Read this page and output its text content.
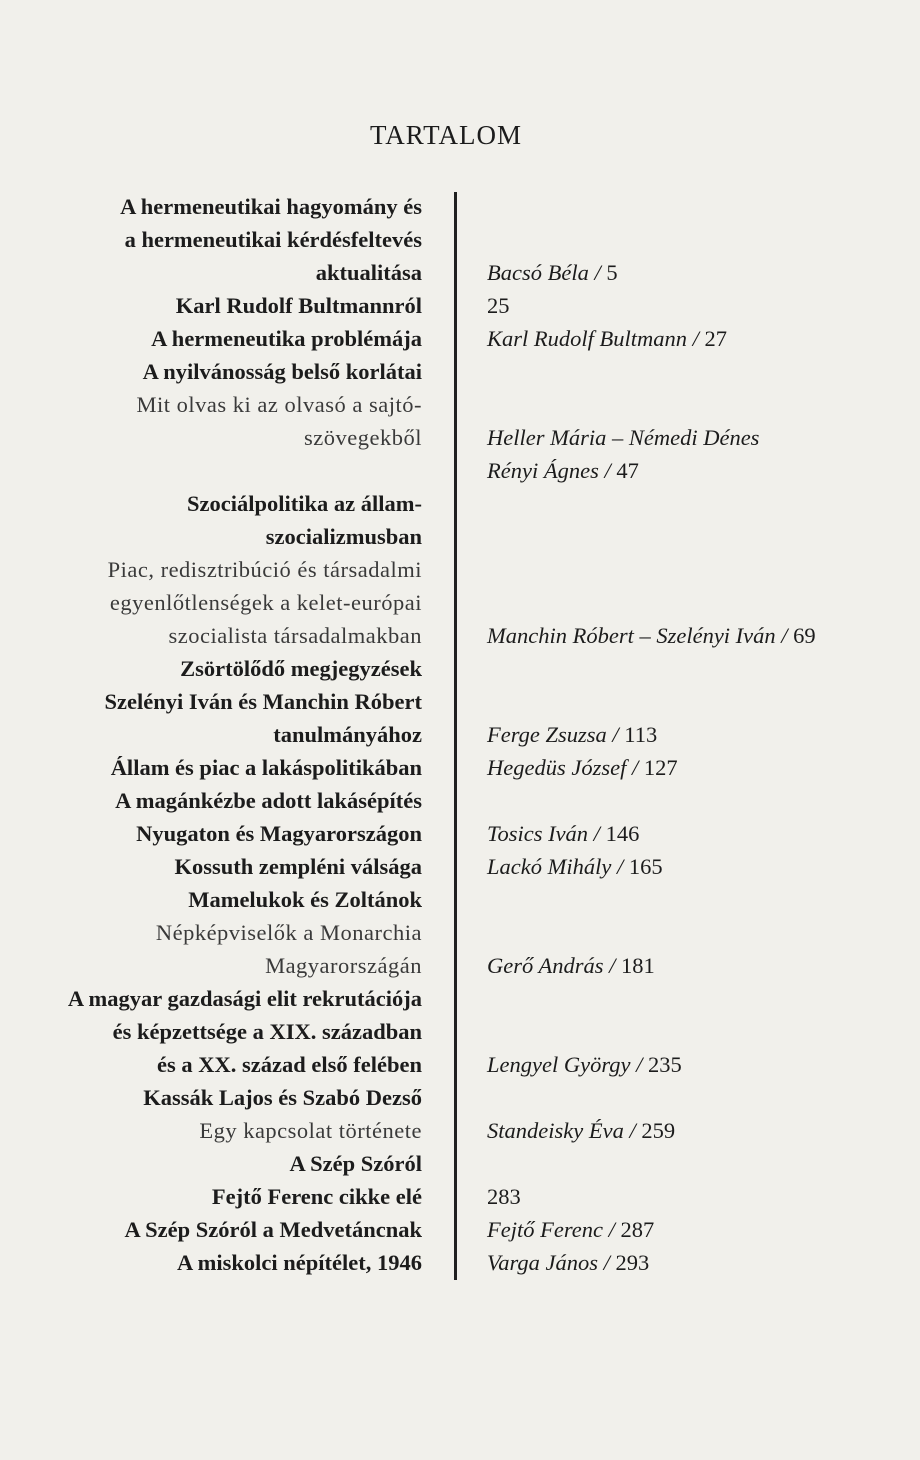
TARTALOM
A hermeneutikai hagyomány és
a hermeneutikai kérdésfeltevés
aktualitása
Karl Rudolf Bultmannról
A hermeneutika problémája
A nyilvánosság belső korlátai
Mit olvas ki az olvasó a sajtó-
szövegekből
Szociálpolitika az állam-
szocializmusban
Piac, redisztribúció és társadalmi
egyenlőtlenségek a kelet-európai
szocialista társadalmakban
Zsörtölődő megjegyzések
Szelényi Iván és Manchin Róbert
tanulmányához
Állam és piac a lakáspolitikában
A magánkézbe adott lakásépítés
Nyugaton és Magyarországon
Kossuth zempléni válsága
Mamelukok és Zoltánok
Népképviselők a Monarchia
Magyarországán
A magyar gazdasági elit rekrutációja
és képzettsége a XIX. században
és a XX. század első felében
Kassák Lajos és Szabó Dezső
Egy kapcsolat története
A Szép Szóról
Fejtő Ferenc cikke elé
A Szép Szóról a Medvetáncnak
A miskolci népítélet, 1946
Bacsó Béla / 5
25
Karl Rudolf Bultmann / 27
Heller Mária – Némedi Dénes
Rényi Ágnes / 47
Manchin Róbert – Szelényi Iván / 69
Ferge Zsuzsa / 113
Hegedüs József / 127
Tosics Iván / 146
Lackó Mihály / 165
Gerő András / 181
Lengyel György / 235
Standeisky Éva / 259
283
Fejtő Ferenc / 287
Varga János / 293
